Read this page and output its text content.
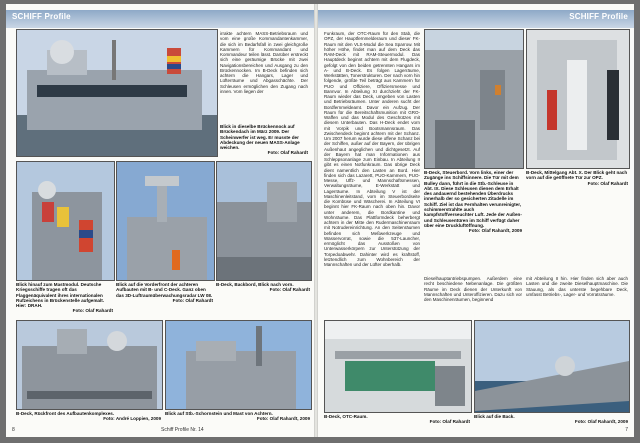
SCHIFF Profile
irrakte achtern MASS-Betriebsraum und vom eine große Kommandantenkammer, die sich im Bedarfsfall in zwei gleichgroße Kammern für Kommandant und Kommandeur teilen lässt. Darüber erstreckt sich eine geräumige Brücke mit zwei Navigationsbereichen und Ausgang zu den Brückennocken. Im B-Deck befinden sich achtern die Hangars, Lager und Lüfterräume und Abgasschächte. Der Schleusen ermöglichen den Zugang nach innen. Vom liegen der
Blick in dieselbe Brückennock auf Brückendach im März 2009. Der Scheinwerfer ist weg. Er musste der Abdeckung der neuen MASS-Anlage weichen.
Foto: Olaf Rahardt
Blick hinauf zum Mastmodul. Deutsche Kriegsschiffe tragen oft das Flaggenäquivalent ihres internationalen Rufzeichens in Brückenstelle aufgemalt. Hier: DRAH.
Foto: Olaf Rahardt
Blick auf die Vorderfront der achteren Aufbauten mit B- und C-Deck. Ganz oben das 3D-Luftraumüberwachungsradar LW 08.
Foto: Olaf Rahardt
B-Deck, Backbord, Blick nach vorn.
Foto: Olaf Rahardt
B-Deck, Rückfront des Aufbautenkomplexes.
Foto: André Loppien, 2009
Blick auf Stb.-Schornstein und Mast von Achtern.
Foto: Olaf Rahardt, 2009
8	Schiff Profile Nr. 14
SCHIFF Profile
Funkraum, der OTC-Raum für den Stab, die OPZ, der Hauptfernmelderaum und dieser FK-Raum mit den VLS-Modul die Sea Sparrow. Mit höher Höhe, findet man auf dem Deck das RAM-Deck mit RAM-Steuermodul. Das Hauptdeck beginnt achtern mit dem Flugdeck, gefolgt von den beiden getrennten Hangars im A- und B-Deck. Es folgen Lagerräume, Werkstätten, Tonerstrukturen. Der nach vorn hin folgende, größte Teil beträgt aus Kammern für PUO und Offiziere, Offiziersmesse und Bannvor. In Abteilung XI durchzieht der FK-Raum wieder das Deck, umgeben von Lasten und Betriebsräumen. Unter anderen sucht der Bordfernmeldeamt. Davor ein Aufzug. Der Raum für die Bereitschaftsmunition mit GRO-Waffen und das Modul des Geschützes mit diesem Unterbauten. Das H-Deck endet vorn mit Vorpik und Bootsmannsraum. Das Zwischendeck beginnt achtern mit der Schanz. Um 2007 herum wurde diese offene Schanz bei der Schiffen, außer auf der Bayern, der übrigen Außenhaut angeglichen und dichtgesetzt. Auf der Bayern hat man Informationen aus Schleppsonanlage zum Einbau. In Abteilung II gibt es einen Notfunkraum. Das übrige Deck dient namentlich den Lasten an Bord. Hier finden sich das Lazarett, PUO-Kammern, PUO-Messe, Uffz- und Mannschaftsmessen, Verwaltungsräume, E-Werkstatt und Lagerräume. In Abteilung V ist der Maschinenleitstand, vorn im Steuerbordseite die Kombüse und Wäscherei. In Abteilung VI beginnt hier FK-Raum nach oben hin. Davor unter anderem, die Bordkantine und Wohnräume. Das Plattformdeck beherbergt achtern in der Mitte den Rudermaschinenraum mit Notrudereinrichtung. An den Seitenräumen befinden sich Meßwerkzeuge und Wasservorrat, sowie die 537-Launcher, ermöglicht das Ausstoßen von Unterwasserkörpern zur Unterstützung der Torpedoabwehr. Dahinter wird es kraftstoff, letztendlich zum Wohnbereich der Mannschaften und der Lüfter oberhalb.
B-Deck, Steuerbord. Vorn links, einer der Zugänge ins Schiffsinnere. Die Tür mit dem Bulley dann, führt in die Stb.-Schleuse in Abt. IX. Diese Schleusen dienen dem Erhalt des andauernd bestehenden Überdrucks innerhalb der so gesicherten Zitadelle im Schiff. Ziel ist das Fernhalten verunreinigter, schimmerstrahlte auch kampfstoffverseuchter Luft. Jede der Außen- und Schleusentüren im Schiff verfügt daher über eine Druckluftöffnung.
Foto: Olaf Rahardt, 2009
B-Deck, Mittelgang Abt. X. Der Blick geht nach vorn auf die geöffnete Tür zur OPZ.
Foto: Olaf Rahardt
Dieselhauptantriebspumpen. Außerdem eine recht beschiedene Nebenanlage. Die größten Räume im Deck dienen der Unterkunft von Mannschaften und Unteroffizieren. Dazu sich vor den Maschinenräumen, beginnend
mit Abteilung II hin. Hier finden sich aber auch Lasten und die zweite Dieselhauptmaschine. Die Stauung, als das unterste begehbare Deck, umfasst Betriebs-, Lager- und Vorratsräume.
B-Deck, OTC-Raum.
Foto: Olaf Rahardt
Blick auf die Back.
Foto: Olaf Rahardt, 2009
7
